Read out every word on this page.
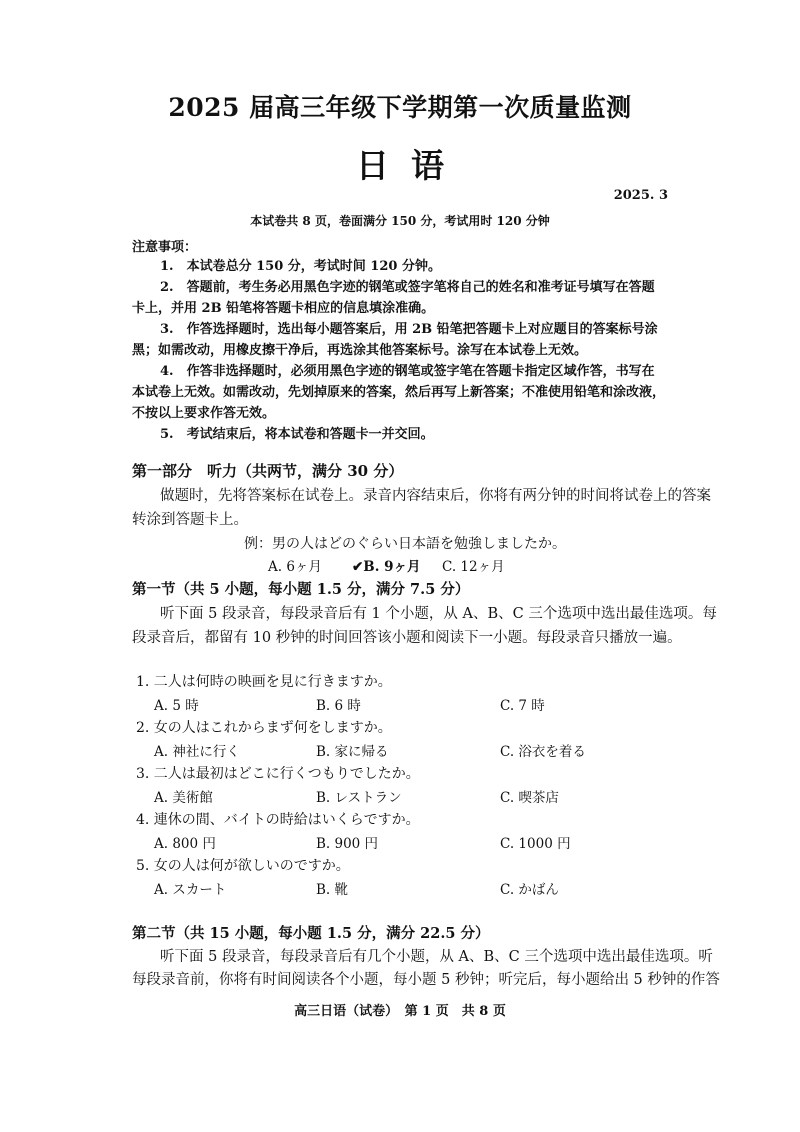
2025 届高三年级下学期第一次质量监测
日语
2025. 3
本试卷共 8 页，卷面满分 150 分，考试用时 120 分钟
注意事项：
1.　本试卷总分 150 分，考试时间 120 分钟。
2.　答题前，考生务必用黑色字迹的钢笔或签字笔将自己的姓名和准考证号填写在答题
卡上，并用 2B 铅笔将答题卡相应的信息填涂准确。
3.　作答选择题时，选出每小题答案后，用 2B 铅笔把答题卡上对应题目的答案标号涂
黑；如需改动，用橡皮擦干净后，再选涂其他答案标号。涂写在本试卷上无效。
4.　作答非选择题时，必须用黑色字迹的钢笔或签字笔在答题卡指定区域作答，书写在
本试卷上无效。如需改动，先划掉原来的答案，然后再写上新答案；不准使用铅笔和涂改液，
不按以上要求作答无效。
5.　考试结束后，将本试卷和答题卡一并交回。
第一部分　听力（共两节，满分 30 分）
做题时，先将答案标在试卷上。录音内容结束后，你将有两分钟的时间将试卷上的答案
转涂到答题卡上。
例：男の人はどのぐらい日本語を勉強しましたか。
A. 6ヶ月 ✔B. 9ヶ月 C. 12ヶ月
第一节（共 5 小题，每小题 1.5 分，满分 7.5 分）
听下面 5 段录音，每段录音后有 1 个小题，从 A、B、C 三个选项中选出最佳选项。每
段录音后，都留有 10 秒钟的时间回答该小题和阅读下一小题。每段录音只播放一遍。
1. 二人は何時の映画を見に行きますか。
A. 5 時	B. 6 時	C. 7 時
2. 女の人はこれからまず何をしますか。
A. 神社に行く	B. 家に帰る	C. 浴衣を着る
3. 二人は最初はどこに行くつもりでしたか。
A. 美術館	B. レストラン	C. 喫茶店
4. 連休の間、バイトの時給はいくらですか。
A. 800 円	B. 900 円	C. 1000 円
5. 女の人は何が欲しいのですか。
A. スカート	B. 靴	C. かばん
第二节（共 15 小题，每小题 1.5 分，满分 22.5 分）
听下面 5 段录音，每段录音后有几个小题，从 A、B、C 三个选项中选出最佳选项。听
每段录音前，你将有时间阅读各个小题，每小题 5 秒钟；听完后，每小题给出 5 秒钟的作答
高三日语（试卷）　第 1 页　共 8 页
